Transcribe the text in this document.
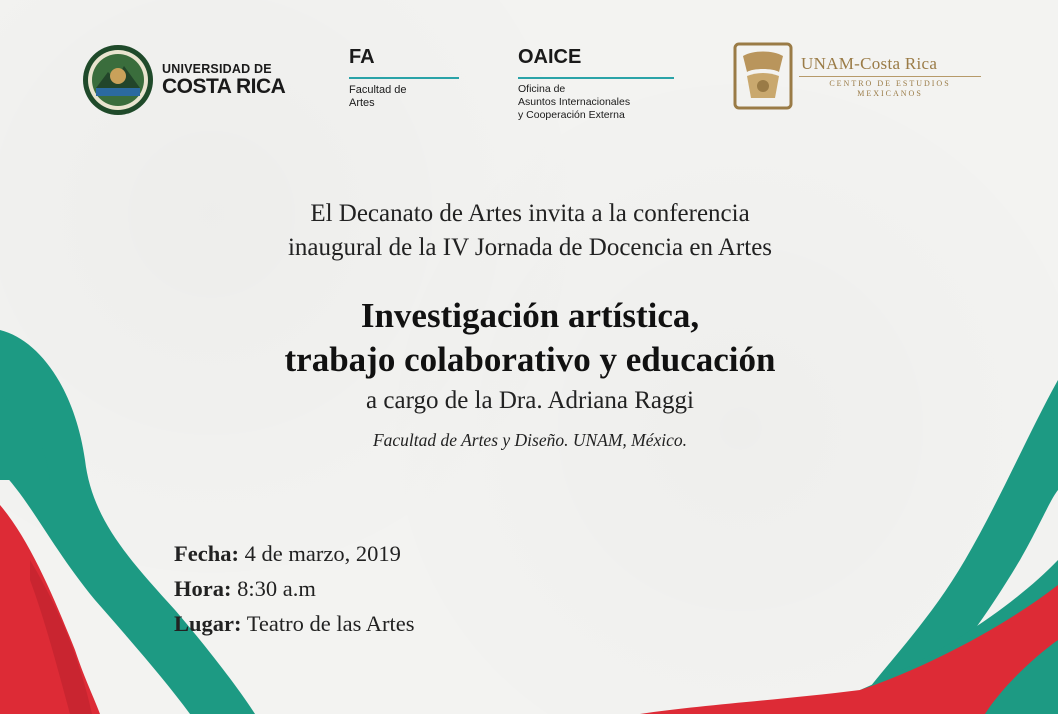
UNIVERSIDAD DE
COSTA RICA
FA
Facultad de
Artes
OAICE
Oficina de
Asuntos Internacionales
y Cooperación Externa
UNAM-Costa Rica
CENTRO DE ESTUDIOS
MEXICANOS
El Decanato de Artes invita a la conferencia
inaugural de la IV Jornada de Docencia en Artes
Investigación artística,
trabajo colaborativo y educación
a cargo de la Dra. Adriana Raggi
Facultad de Artes y Diseño. UNAM, México.
Fecha: 4 de marzo, 2019
Hora: 8:30 a.m
Lugar: Teatro de las Artes
